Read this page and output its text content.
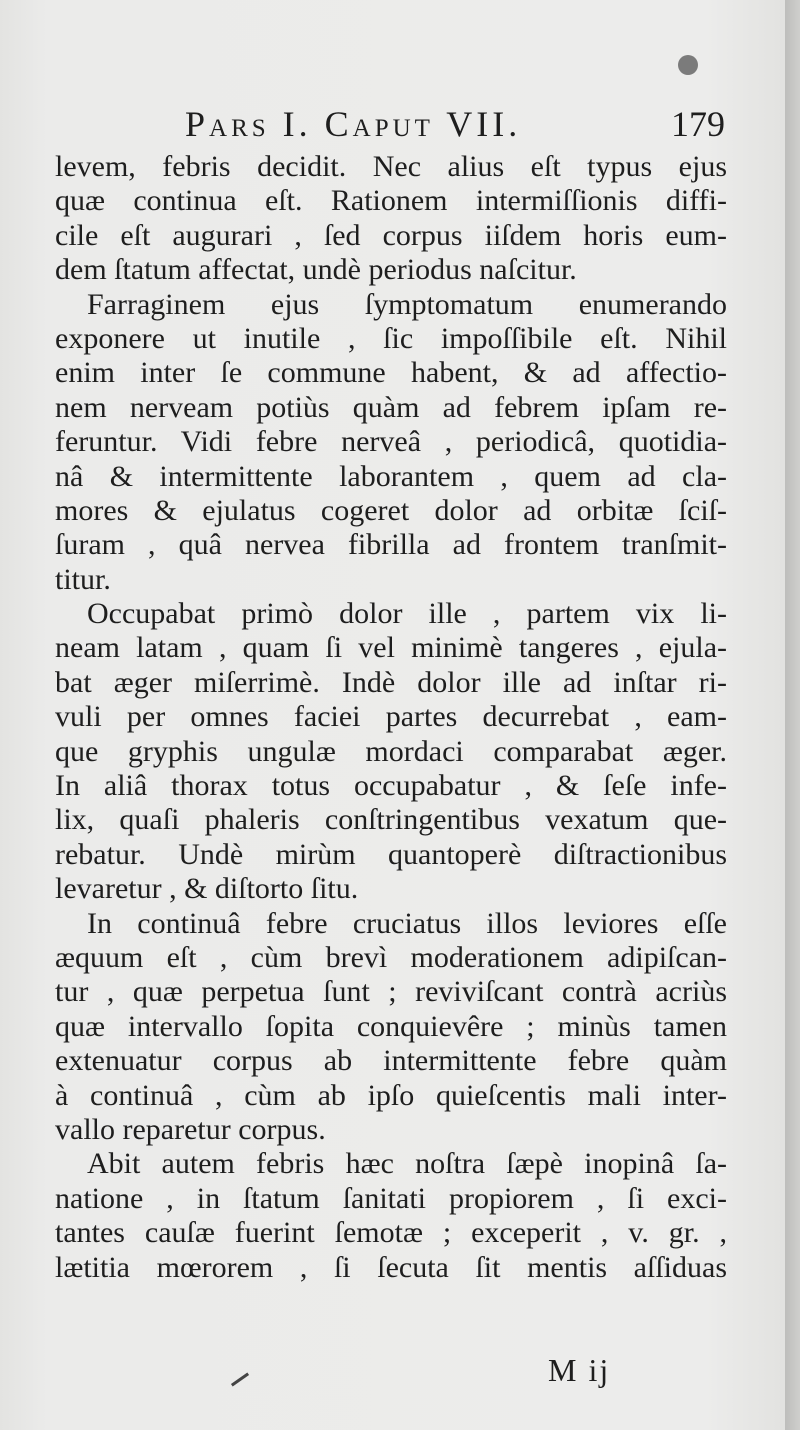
Pars I. Caput VII.	179
levem, febris decidit. Nec alius eſt typus ejus
quæ continua eſt. Rationem intermiſſionis diffi-
cile eſt augurari , ſed corpus iiſdem horis eum-
dem ſtatum affectat, undè periodus naſcitur.
Farraginem ejus ſymptomatum enumerando
exponere ut inutile , ſic impoſſibile eſt. Nihil
enim inter ſe commune habent, & ad affectio-
nem nerveam potiùs quàm ad febrem ipſam re-
feruntur. Vidi febre nerveâ , periodicâ, quotidia-
nâ & intermittente laborantem , quem ad cla-
mores & ejulatus cogeret dolor ad orbitæ ſciſ-
ſuram , quâ nervea fibrilla ad frontem tranſmit-
titur.
Occupabat primò dolor ille , partem vix li-
neam latam , quam ſi vel minimè tangeres , ejula-
bat æger miſerrimè. Indè dolor ille ad inſtar ri-
vuli per omnes faciei partes decurrebat , eam-
que gryphis ungulæ mordaci comparabat æger.
In aliâ thorax totus occupabatur , & ſeſe infe-
lix, quaſi phaleris conſtringentibus vexatum que-
rebatur. Undè mirùm quantoperè diſtractionibus
levaretur , & diſtorto ſitu.
In continuâ febre cruciatus illos leviores eſſe
æquum eſt , cùm brevì moderationem adipiſcan-
tur , quæ perpetua ſunt ; reviviſcant contrà acriùs
quæ intervallo ſopita conquievêre ; minùs tamen
extenuatur corpus ab intermittente febre quàm
à continuâ , cùm ab ipſo quieſcentis mali inter-
vallo reparetur corpus.
Abit autem febris hæc noſtra ſæpè inopinâ ſa-
natione , in ſtatum ſanitati propiorem , ſi exci-
tantes cauſæ fuerint ſemotæ ; exceperit , v. gr. ,
lætitia mœrorem , ſi ſecuta ſit mentis aſſiduas
M ij
